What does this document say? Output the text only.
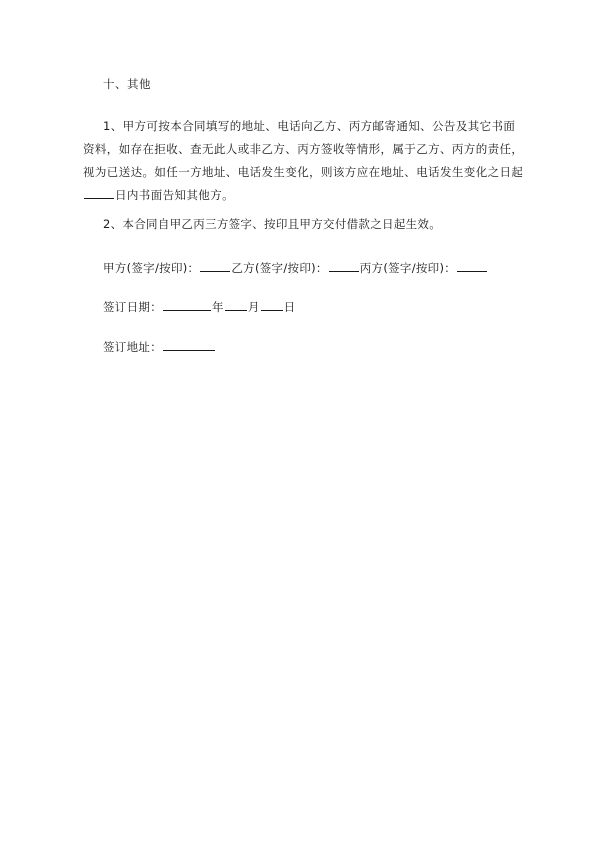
十、其他
1、甲方可按本合同填写的地址、电话向乙方、丙方邮寄通知、公告及其它书面
资料，如存在拒收、查无此人或非乙方、丙方签收等情形，属于乙方、丙方的责任，
视为已送达。如任一方地址、电话发生变化，则该方应在地址、电话发生变化之日起
日内书面告知其他方。
2、本合同自甲乙丙三方签字、按印且甲方交付借款之日起生效。
甲方(签字/按印)：	乙方(签字/按印)：	丙方(签字/按印)：
签订日期：	年 月 日
签订地址：
